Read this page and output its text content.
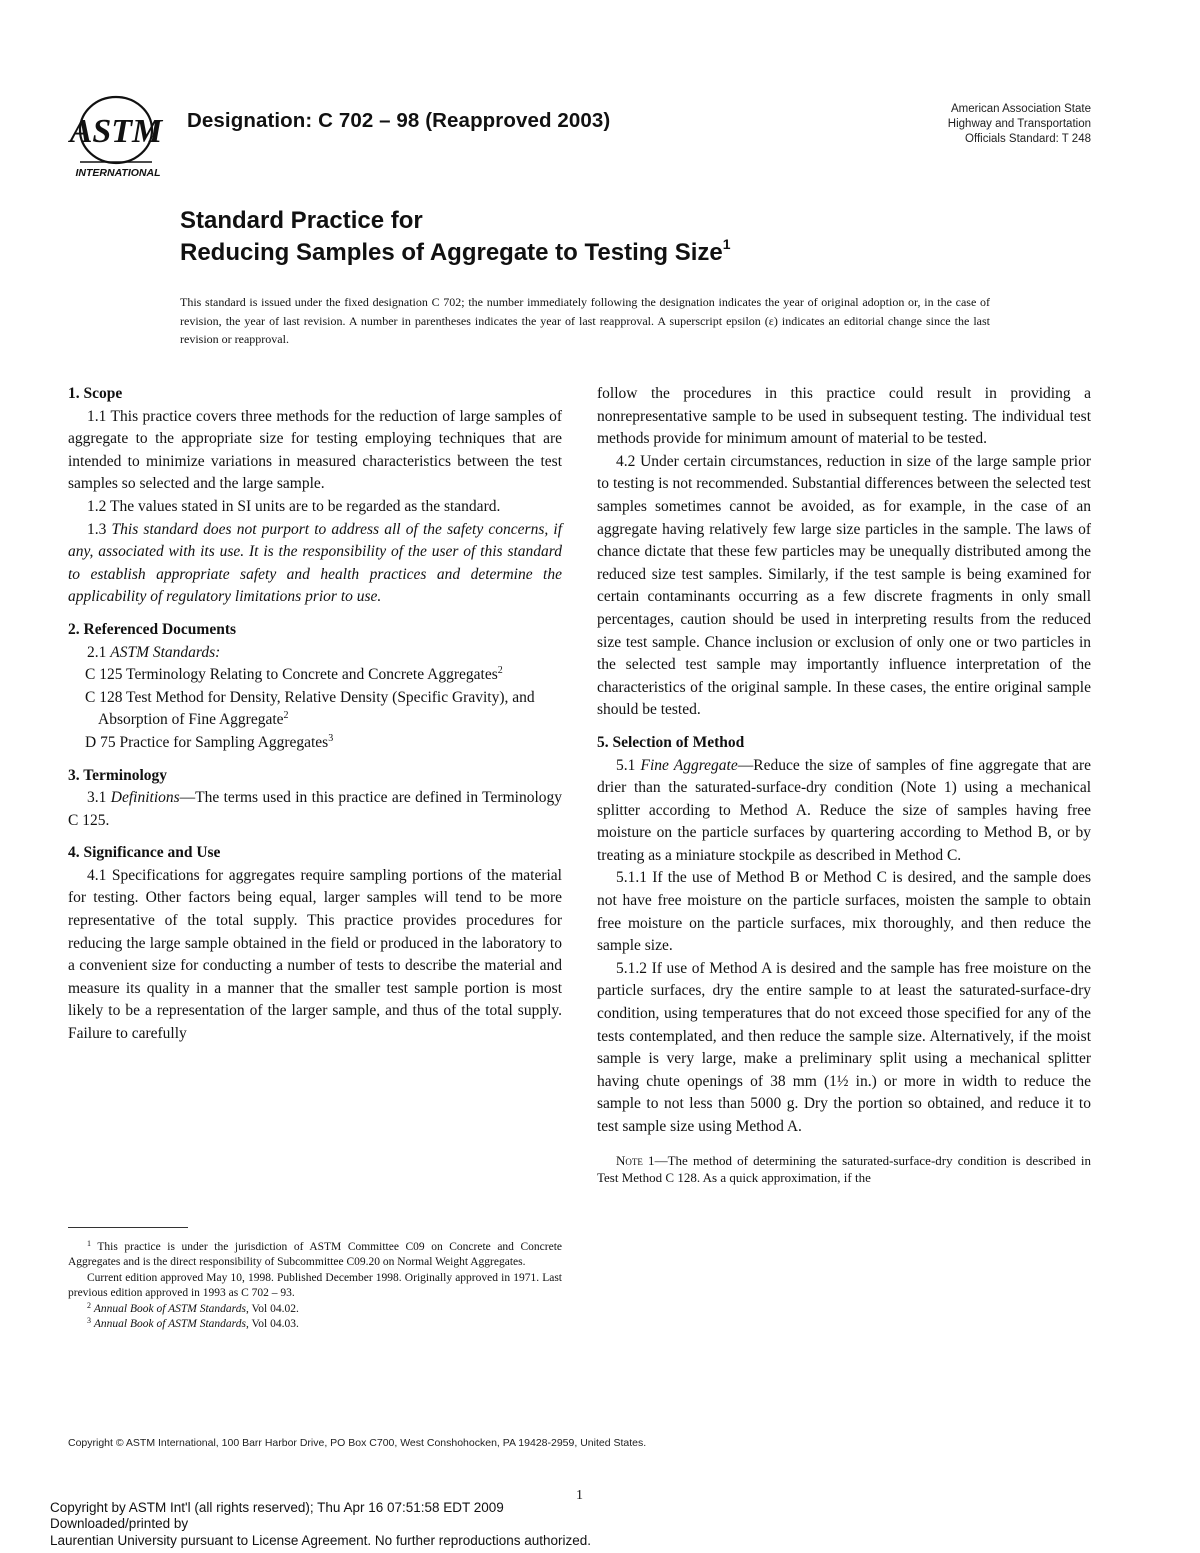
ASTM
INTERNATIONAL
Designation: C 702 – 98 (Reapproved 2003)	American Association State
Highway and Transportation
Officials Standard: T 248
Standard Practice for
Reducing Samples of Aggregate to Testing Size$^1$
This standard is issued under the fixed designation C 702; the number immediately following the designation indicates the year of original adoption or, in the case of revision, the year of last revision. A number in parentheses indicates the year of last reapproval. A superscript epsilon (ε) indicates an editorial change since the last revision or reapproval.
1. Scope
1.1 This practice covers three methods for the reduction of large samples of aggregate to the appropriate size for testing employing techniques that are intended to minimize variations in measured characteristics between the test samples so selected and the large sample.
1.2 The values stated in SI units are to be regarded as the standard.
1.3 This standard does not purport to address all of the safety concerns, if any, associated with its use. It is the responsibility of the user of this standard to establish appropriate safety and health practices and determine the applicability of regulatory limitations prior to use.
2. Referenced Documents
2.1 ASTM Standards:
C 125 Terminology Relating to Concrete and Concrete Aggregates$^2$
C 128 Test Method for Density, Relative Density (Specific Gravity), and Absorption of Fine Aggregate$^2$
D 75 Practice for Sampling Aggregates$^3$
3. Terminology
3.1 Definitions—The terms used in this practice are defined in Terminology C 125.
4. Significance and Use
4.1 Specifications for aggregates require sampling portions of the material for testing. Other factors being equal, larger samples will tend to be more representative of the total supply. This practice provides procedures for reducing the large sample obtained in the field or produced in the laboratory to a convenient size for conducting a number of tests to describe the material and measure its quality in a manner that the smaller test sample portion is most likely to be a representation of the larger sample, and thus of the total supply. Failure to carefully
$^1$ This practice is under the jurisdiction of ASTM Committee C09 on Concrete and Concrete Aggregates and is the direct responsibility of Subcommittee C09.20 on Normal Weight Aggregates.
Current edition approved May 10, 1998. Published December 1998. Originally approved in 1971. Last previous edition approved in 1993 as C 702 – 93.
$^2$ Annual Book of ASTM Standards, Vol 04.02.
$^3$ Annual Book of ASTM Standards, Vol 04.03.
follow the procedures in this practice could result in providing a nonrepresentative sample to be used in subsequent testing. The individual test methods provide for minimum amount of material to be tested.
4.2 Under certain circumstances, reduction in size of the large sample prior to testing is not recommended. Substantial differences between the selected test samples sometimes cannot be avoided, as for example, in the case of an aggregate having relatively few large size particles in the sample. The laws of chance dictate that these few particles may be unequally distributed among the reduced size test samples. Similarly, if the test sample is being examined for certain contaminants occurring as a few discrete fragments in only small percentages, caution should be used in interpreting results from the reduced size test sample. Chance inclusion or exclusion of only one or two particles in the selected test sample may importantly influence interpretation of the characteristics of the original sample. In these cases, the entire original sample should be tested.
5. Selection of Method
5.1 Fine Aggregate—Reduce the size of samples of fine aggregate that are drier than the saturated-surface-dry condition (Note 1) using a mechanical splitter according to Method A. Reduce the size of samples having free moisture on the particle surfaces by quartering according to Method B, or by treating as a miniature stockpile as described in Method C.
5.1.1 If the use of Method B or Method C is desired, and the sample does not have free moisture on the particle surfaces, moisten the sample to obtain free moisture on the particle surfaces, mix thoroughly, and then reduce the sample size.
5.1.2 If use of Method A is desired and the sample has free moisture on the particle surfaces, dry the entire sample to at least the saturated-surface-dry condition, using temperatures that do not exceed those specified for any of the tests contemplated, and then reduce the sample size. Alternatively, if the moist sample is very large, make a preliminary split using a mechanical splitter having chute openings of 38 mm (1½ in.) or more in width to reduce the sample to not less than 5000 g. Dry the portion so obtained, and reduce it to test sample size using Method A.
Note 1—The method of determining the saturated-surface-dry condition is described in Test Method C 128. As a quick approximation, if the
Copyright © ASTM International, 100 Barr Harbor Drive, PO Box C700, West Conshohocken, PA 19428-2959, United States.
1
Copyright by ASTM Int'l (all rights reserved); Thu Apr 16 07:51:58 EDT 2009
Downloaded/printed by
Laurentian University pursuant to License Agreement. No further reproductions authorized.
